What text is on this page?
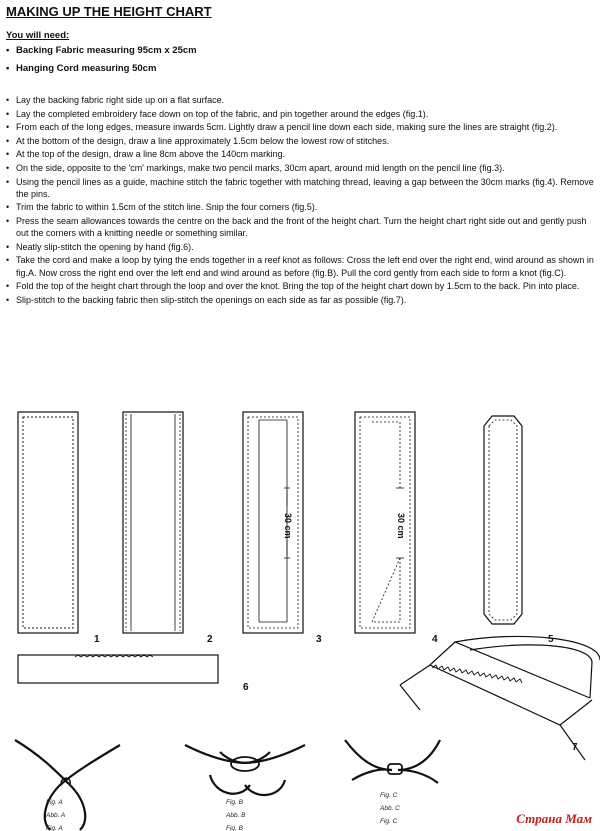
MAKING UP THE HEIGHT CHART
You will need:
• Backing Fabric measuring 95cm x 25cm
• Hanging Cord measuring 50cm
• Lay the backing fabric right side up on a flat surface.
• Lay the completed embroidery face down on top of the fabric, and pin together around the edges (fig.1).
• From each of the long edges, measure inwards 5cm. Lightly draw a pencil line down each side, making sure the lines are straight (fig.2).
• At the bottom of the design, draw a line approximately 1.5cm below the lowest row of stitches.
• At the top of the design, draw a line 8cm above the 140cm marking.
• On the side, opposite to the 'cm' markings, make two pencil marks, 30cm apart, around mid length on the pencil line (fig.3).
• Using the pencil lines as a guide, machine stitch the fabric together with matching thread, leaving a gap between the 30cm marks (fig.4). Remove the pins.
• Trim the fabric to within 1.5cm of the stitch line. Snip the four corners (fig.5).
• Press the seam allowances towards the centre on the back and the front of the height chart. Turn the height chart right side out and gently push out the corners with a knitting needle or something similar.
• Neatly slip-stitch the opening by hand (fig.6).
• Take the cord and make a loop by tying the ends together in a reef knot as follows: Cross the left end over the right end, wind around as shown in fig.A. Now cross the right end over the left end and wind around as before (fig.B). Pull the cord gently from each side to form a knot (fig.C).
• Fold the top of the height chart through the loop and over the knot. Bring the top of the height chart down by 1.5cm to the back. Pin into place.
• Slip-stitch to the backing fabric then slip-stitch the openings on each side as far as possible (fig.7).
30 cm	30 cm
1	2	3	4	5
6
7
Fig. A
Abb. A
Fig. A
Fig. B
Abb. B
Fig. B
Fig. C
Abb. C
Fig. C	Страна Мам
